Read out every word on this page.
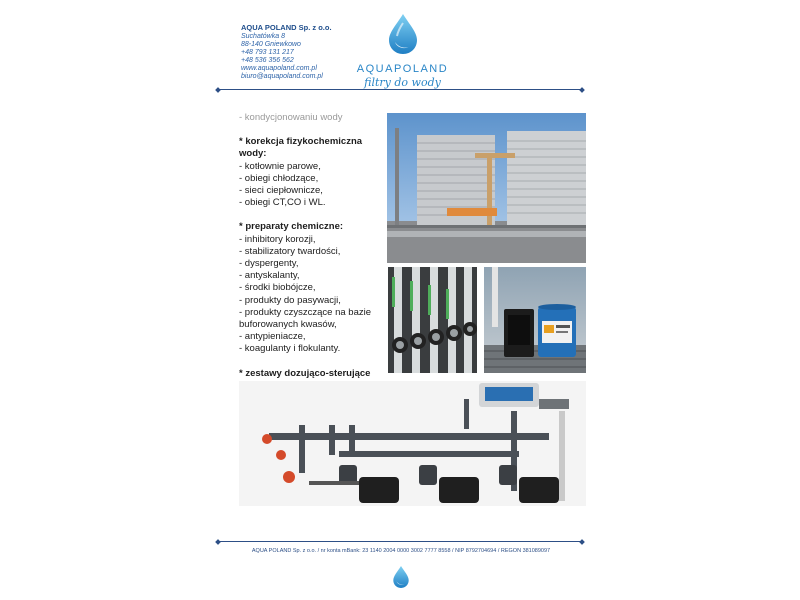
AQUA POLAND Sp. z o.o.
Suchatówka 8
88-140 Gniewkowo
+48 793 131 217
+48 536 356 562
www.aquapoland.com.pl
biuro@aquapoland.com.pl
AQUAPOLAND
filtry do wody
- kondycjonowaniu wody
* korekcja fizykochemiczna wody:
- kotłownie parowe,
- obiegi chłodzące,
- sieci ciepłownicze,
- obiegi CT,CO i WL.
* preparaty chemiczne:
- inhibitory korozji,
- stabilizatory twardości,
- dyspergenty,
- antyskalanty,
- środki biobójcze,
- produkty do pasywacji,
- produkty czyszczące na bazie
buforowanych kwasów,
- antypieniacze,
- koagulanty i flokulanty.
* zestawy dozująco-sterujące
AQUA POLAND Sp. z o.o. / nr konta mBank: 23 1140 2004 0000 3002 7777 8558 / NIP 8792704694 / REGON 381089097
